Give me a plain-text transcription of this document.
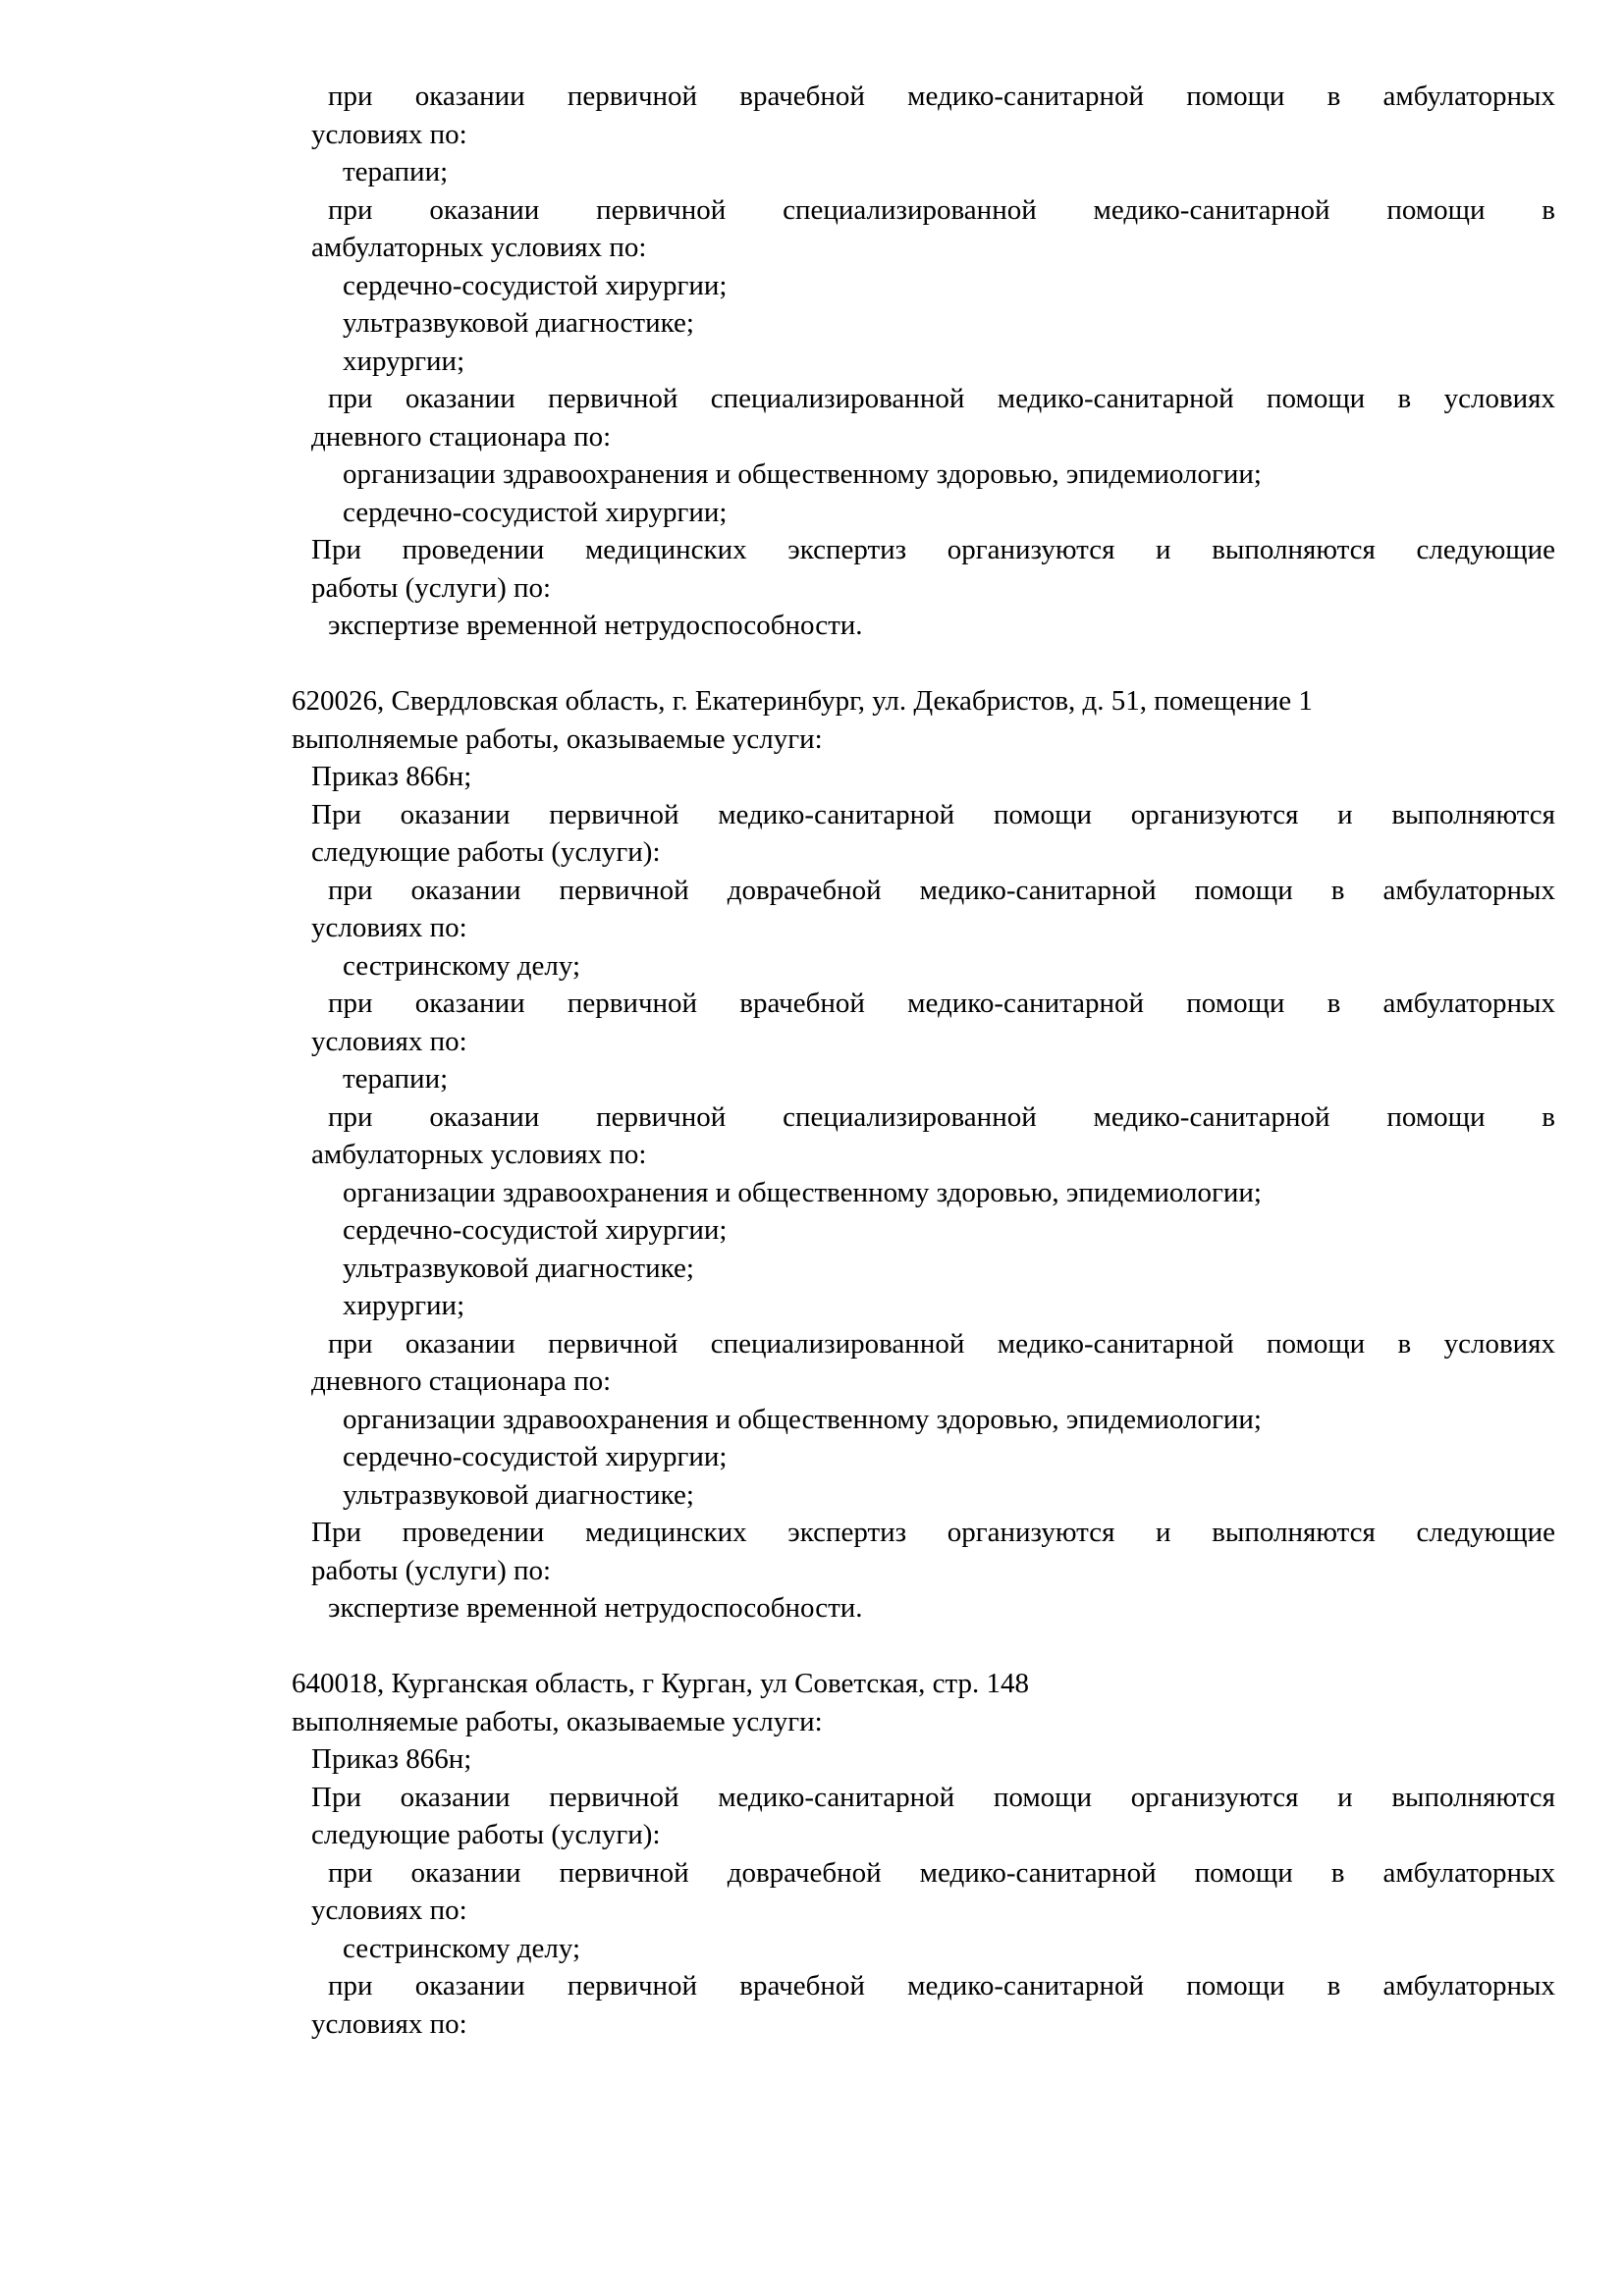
при оказании первичной врачебной медико-санитарной помощи в амбулаторных
условиях по:
терапии;
при оказании первичной специализированной медико-санитарной помощи в
амбулаторных условиях по:
сердечно-сосудистой хирургии;
ультразвуковой диагностике;
хирургии;
при оказании первичной специализированной медико-санитарной помощи в условиях
дневного стационара по:
организации здравоохранения и общественному здоровью, эпидемиологии;
сердечно-сосудистой хирургии;
При проведении медицинских экспертиз организуются и выполняются следующие
работы (услуги) по:
экспертизе временной нетрудоспособности.
620026, Свердловская область, г. Екатеринбург, ул. Декабристов, д. 51, помещение 1
выполняемые работы, оказываемые услуги:
Приказ 866н;
При оказании первичной медико-санитарной помощи организуются и выполняются
следующие работы (услуги):
при оказании первичной доврачебной медико-санитарной помощи в амбулаторных
условиях по:
сестринскому делу;
при оказании первичной врачебной медико-санитарной помощи в амбулаторных
условиях по:
терапии;
при оказании первичной специализированной медико-санитарной помощи в
амбулаторных условиях по:
организации здравоохранения и общественному здоровью, эпидемиологии;
сердечно-сосудистой хирургии;
ультразвуковой диагностике;
хирургии;
при оказании первичной специализированной медико-санитарной помощи в условиях
дневного стационара по:
организации здравоохранения и общественному здоровью, эпидемиологии;
сердечно-сосудистой хирургии;
ультразвуковой диагностике;
При проведении медицинских экспертиз организуются и выполняются следующие
работы (услуги) по:
экспертизе временной нетрудоспособности.
640018, Курганская область, г Курган, ул Советская, стр. 148
выполняемые работы, оказываемые услуги:
Приказ 866н;
При оказании первичной медико-санитарной помощи организуются и выполняются
следующие работы (услуги):
при оказании первичной доврачебной медико-санитарной помощи в амбулаторных
условиях по:
сестринскому делу;
при оказании первичной врачебной медико-санитарной помощи в амбулаторных
условиях по:
